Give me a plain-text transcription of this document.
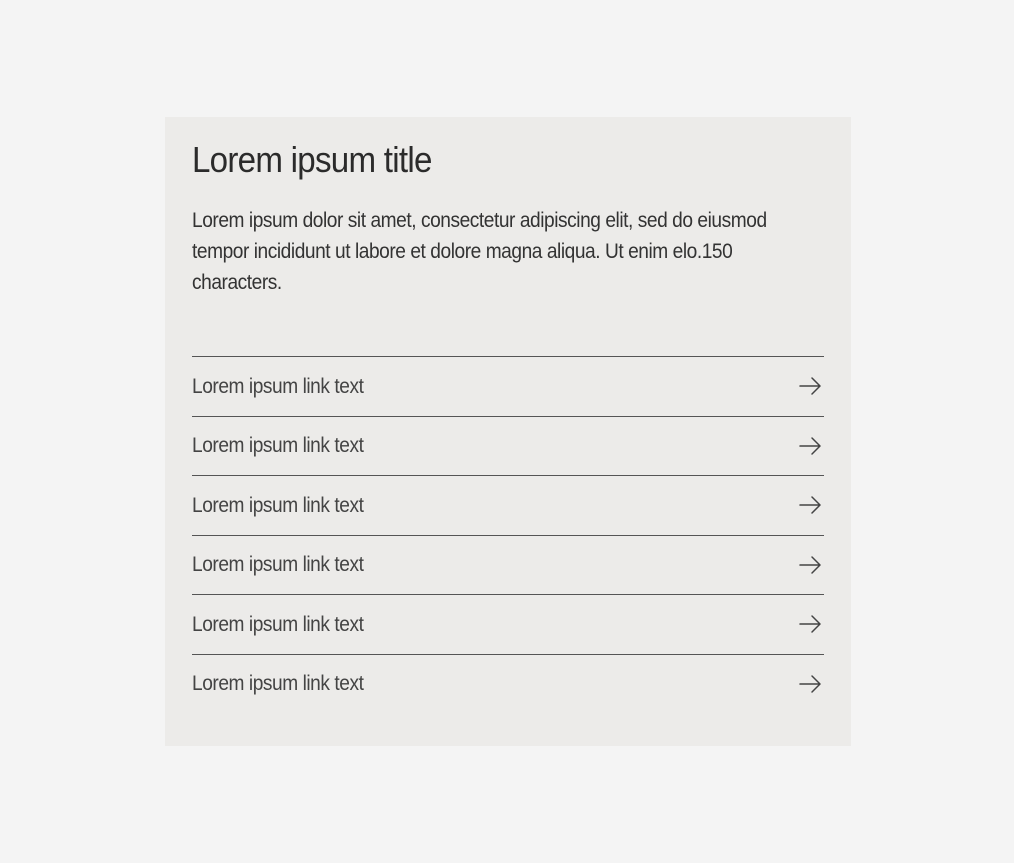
Lorem ipsum title

Lorem ipsum dolor sit amet, consectetur adipiscing elit, sed do eiusmod tempor incididunt ut labore et dolore magna aliqua. Ut enim elo.150 characters.

Lorem ipsum link text
Lorem ipsum link text
Lorem ipsum link text
Lorem ipsum link text
Lorem ipsum link text
Lorem ipsum link text
